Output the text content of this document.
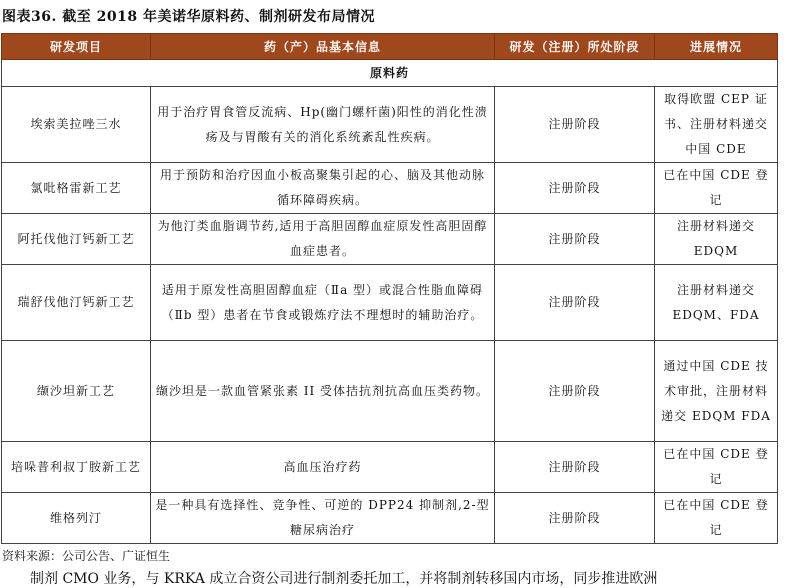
图表36. 截至 2018 年美诺华原料药、制剂研发布局情况
研发项目	药（产）品基本信息	研发（注册）所处阶段	进展情况
原料药			
埃索美拉唑三水	用于治疗胃食管反流病、Hp(幽门螺杆菌)阳性的消化性溃疡及与胃酸有关的消化系统紊乱性疾病。	注册阶段	取得欧盟 CEP 证书、注册材料递交中国 CDE
氯吡格雷新工艺	用于预防和治疗因血小板高聚集引起的心、脑及其他动脉循环障碍疾病。	注册阶段	已在中国 CDE 登记
阿托伐他汀钙新工艺	为他汀类血脂调节药,适用于高胆固醇血症原发性高胆固醇血症患者。	注册阶段	注册材料递交 EDQM
瑞舒伐他汀钙新工艺	适用于原发性高胆固醇血症（Ⅱa 型）或混合性脂血障碍（Ⅱb 型）患者在节食或锻炼疗法不理想时的辅助治疗。	注册阶段	注册材料递交 EDQM、FDA
缬沙坦新工艺	缬沙坦是一款血管紧张素 II 受体拮抗剂抗高血压类药物。	注册阶段	通过中国 CDE 技术审批，注册材料递交 EDQM FDA
培哚普利叔丁胺新工艺	高血压治疗药	注册阶段	已在中国 CDE 登记
维格列汀	是一种具有选择性、竞争性、可逆的 DPP24 抑制剂,2-型糖尿病治疗	注册阶段	已在中国 CDE 登记
资料来源：公司公告、广证恒生
制剂 CMO 业务，与 KRKA 成立合资公司进行制剂委托加工，并将制剂转移国内市场，同步推进欧洲
